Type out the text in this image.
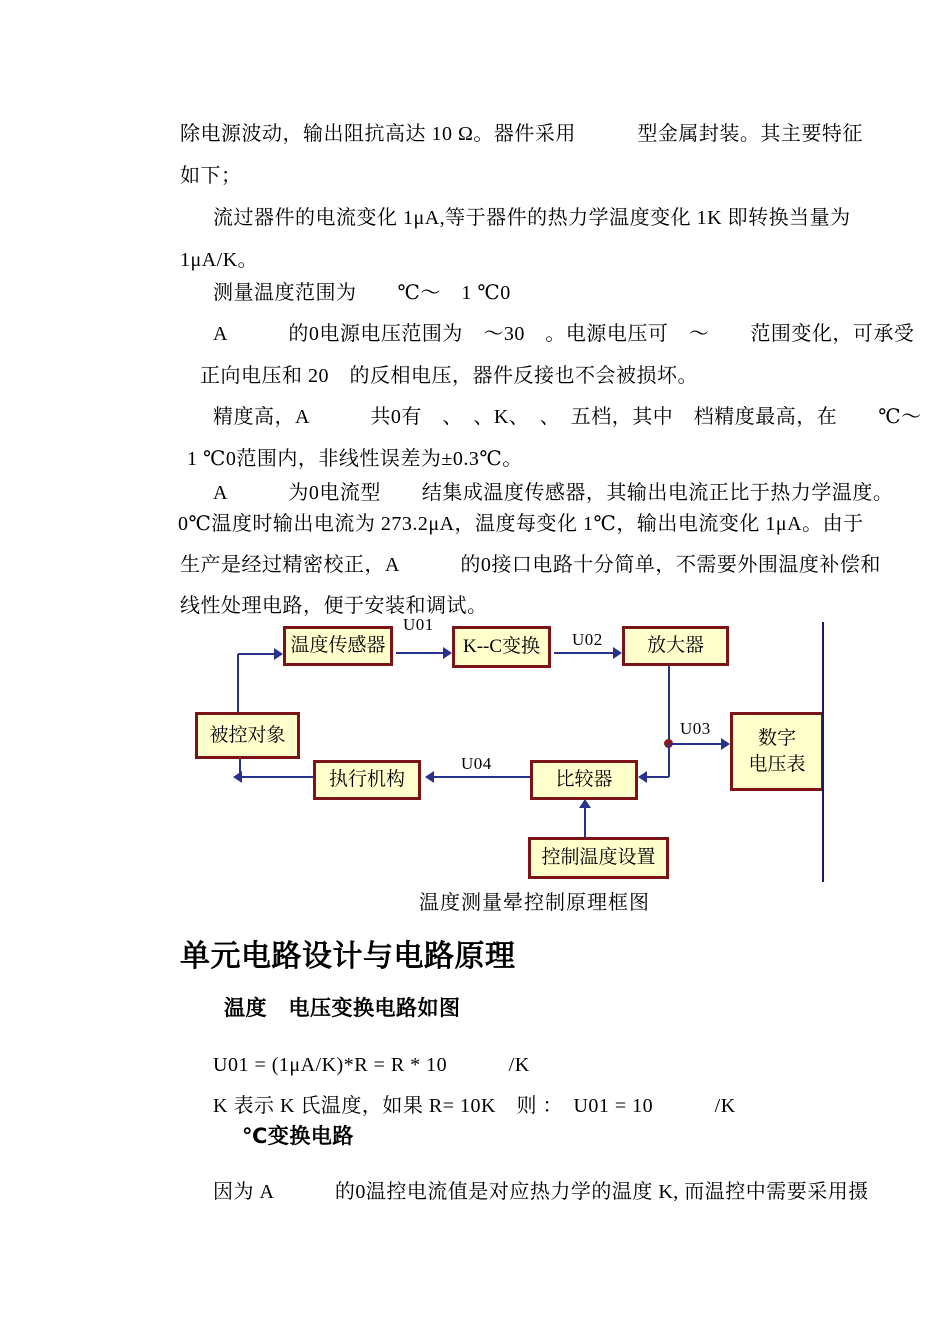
除电源波动，输出阻抗高达 10 Ω。器件采用　　　型金属封装。其主要特征
如下；
流过器件的电流变化 1μA,等于器件的热力学温度变化 1K 即转换当量为
1μA/K。
测量温度范围为　　℃～　1 ℃0
A　　　的0电源电压范围为　～30　。电源电压可　～　　范围变化，可承受
正向电压和 20　的反相电压，器件反接也不会被损坏。
精度高，A　　　共0有　、　、K、　、　五档，其中　档精度最高，在　　℃～
1 ℃0范围内，非线性误差为±0.3℃。
A　　　为0电流型　　结集成温度传感器，其输出电流正比于热力学温度。
0℃温度时输出电流为 273.2μA，温度每变化 1℃，输出电流变化 1μA。由于
生产是经过精密校正，A　　　的0接口电路十分简单，不需要外围温度补偿和
线性处理电路，便于安装和调试。
温度传感器	K--C变换	放大器
被控对象	数字
电压表
执行机构	比较器
控制温度设置
U01
U02
U03
U04
温度测量晕控制原理框图
单元电路设计与电路原理
温度　电压变换电路如图
U01 = (1μA/K)*R = R * 10　　　/K
K 表示 K 氏温度，如果 R= 10K　则 ：　U01 = 10　　　/K
℃变换电路
因为 A　　　的0温控电流值是对应热力学的温度 K, 而温控中需要采用摄
